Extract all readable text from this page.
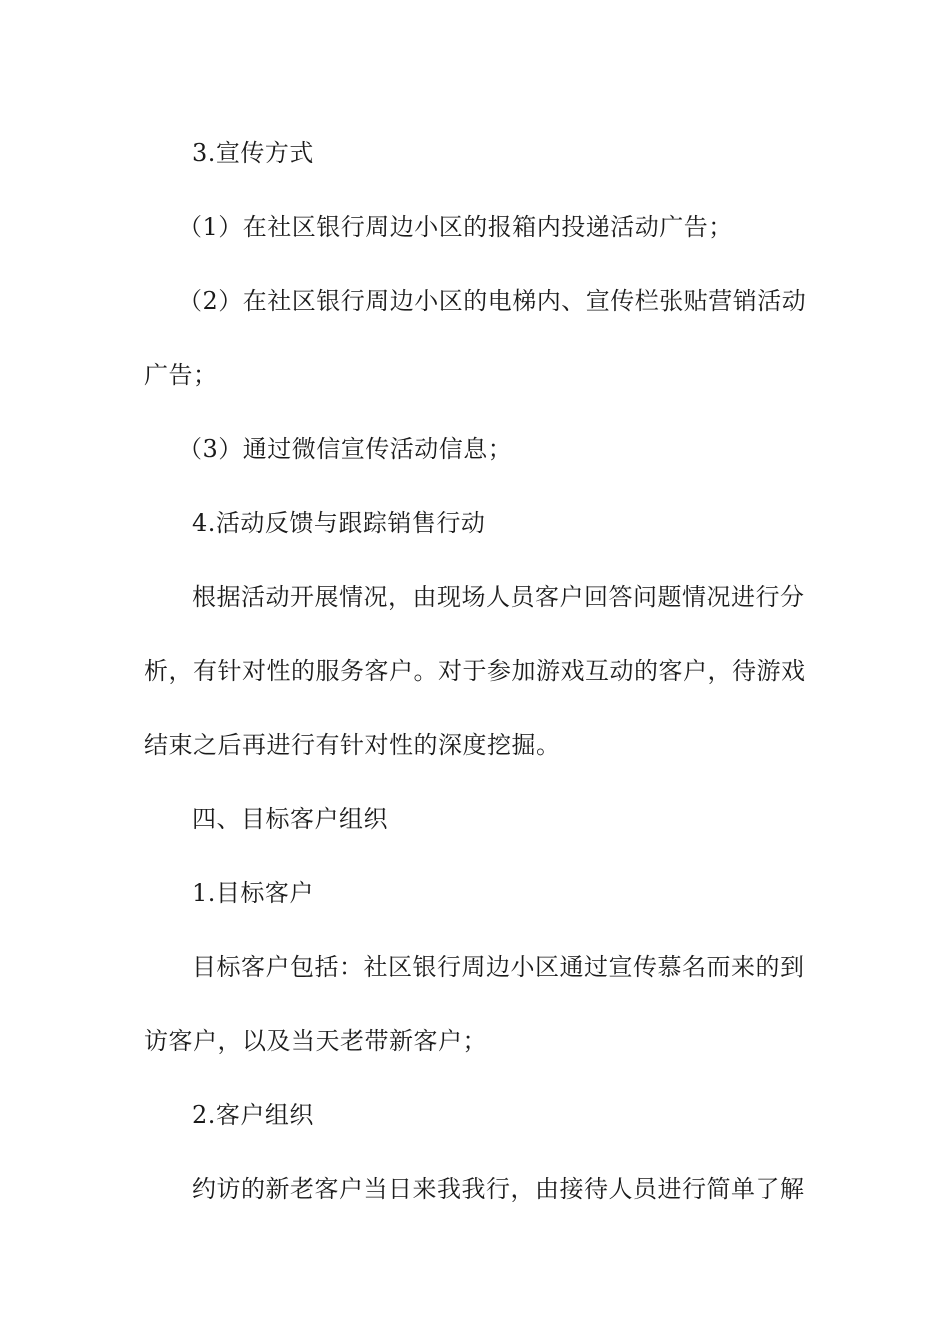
3.宣传方式
（1）在社区银行周边小区的报箱内投递活动广告；
（2）在社区银行周边小区的电梯内、宣传栏张贴营销活动
广告；
（3）通过微信宣传活动信息；
4.活动反馈与跟踪销售行动
根据活动开展情况，由现场人员客户回答问题情况进行分
析，有针对性的服务客户。对于参加游戏互动的客户，待游戏
结束之后再进行有针对性的深度挖掘。
四、目标客户组织
1.目标客户
目标客户包括：社区银行周边小区通过宣传慕名而来的到
访客户，以及当天老带新客户；
2.客户组织
约访的新老客户当日来我我行，由接待人员进行简单了解
